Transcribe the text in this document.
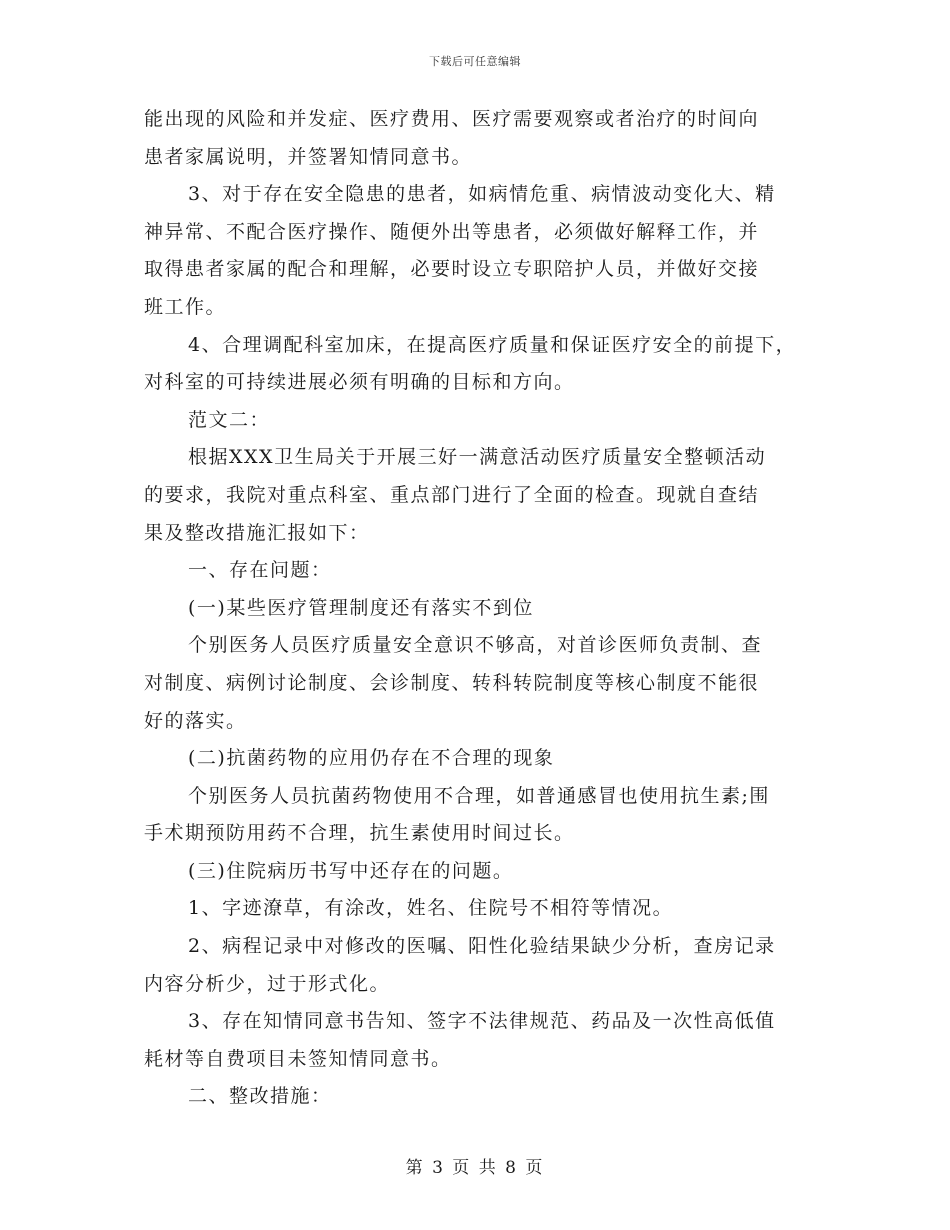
下载后可任意编辑
能出现的风险和并发症、医疗费用、医疗需要观察或者治疗的时间向
患者家属说明，并签署知情同意书。
3、对于存在安全隐患的患者，如病情危重、病情波动变化大、精
神异常、不配合医疗操作、随便外出等患者，必须做好解释工作，并
取得患者家属的配合和理解，必要时设立专职陪护人员，并做好交接
班工作。
4、合理调配科室加床，在提高医疗质量和保证医疗安全的前提下，
对科室的可持续进展必须有明确的目标和方向。
范文二：
根据XXX卫生局关于开展三好一满意活动医疗质量安全整顿活动
的要求，我院对重点科室、重点部门进行了全面的检查。现就自查结
果及整改措施汇报如下：
一、存在问题：
(一)某些医疗管理制度还有落实不到位
个别医务人员医疗质量安全意识不够高，对首诊医师负责制、查
对制度、病例讨论制度、会诊制度、转科转院制度等核心制度不能很
好的落实。
(二)抗菌药物的应用仍存在不合理的现象
个别医务人员抗菌药物使用不合理，如普通感冒也使用抗生素;围
手术期预防用药不合理，抗生素使用时间过长。
(三)住院病历书写中还存在的问题。
1、字迹潦草，有涂改，姓名、住院号不相符等情况。
2、病程记录中对修改的医嘱、阳性化验结果缺少分析，查房记录
内容分析少，过于形式化。
3、存在知情同意书告知、签字不法律规范、药品及一次性高低值
耗材等自费项目未签知情同意书。
二、整改措施：
第 3 页 共 8 页
